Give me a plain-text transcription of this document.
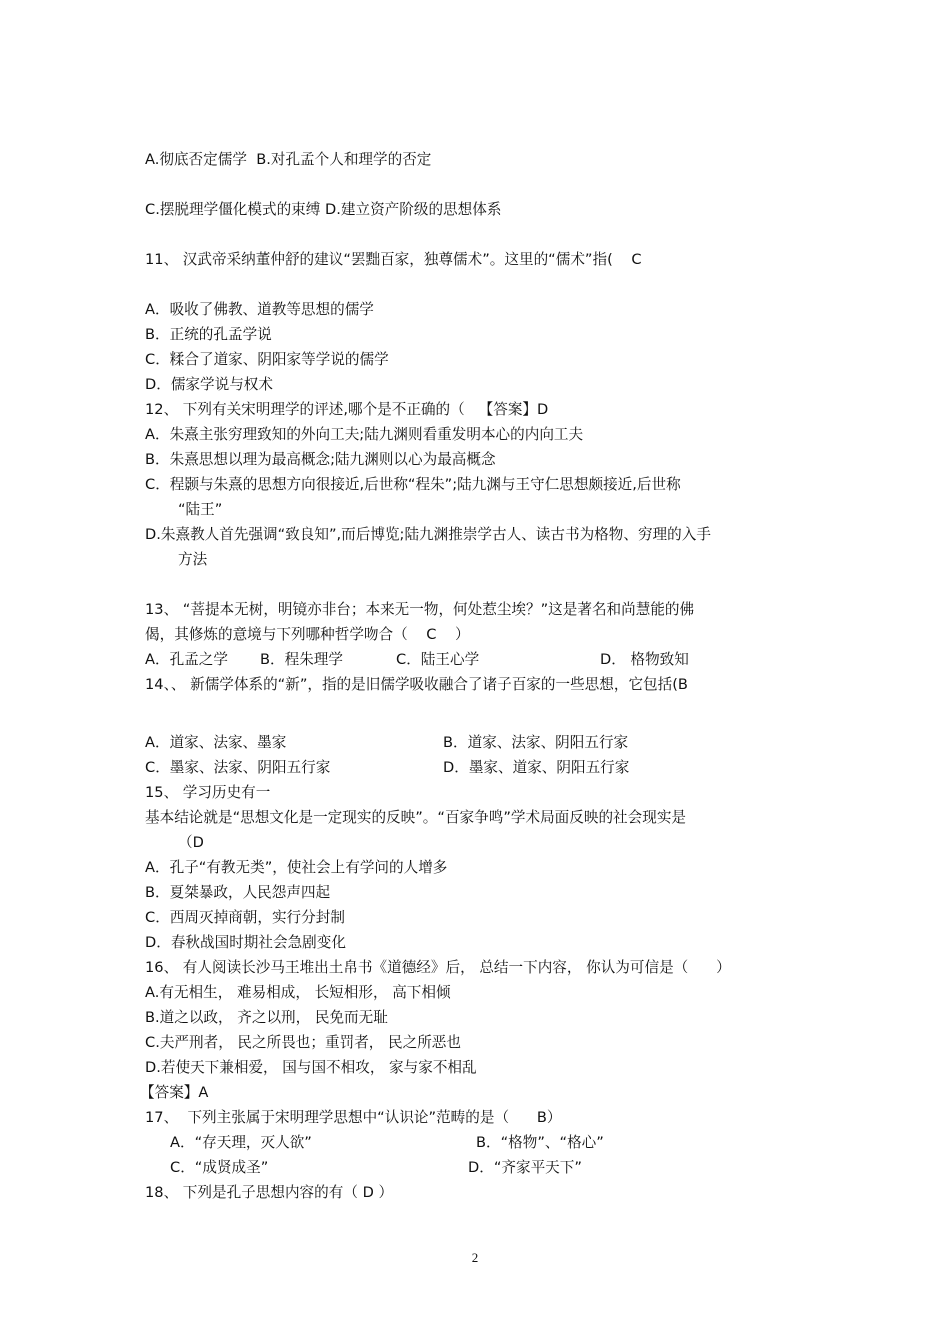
A.彻底否定儒学  B.对孔孟个人和理学的否定
C.摆脱理学僵化模式的束缚 D.建立资产阶级的思想体系
11、 汉武帝采纳董仲舒的建议“罢黜百家，独尊儒术”。这里的“儒术”指(    C
A．吸收了佛教、道教等思想的儒学
B．正统的孔孟学说
C．糅合了道家、阴阳家等学说的儒学
D．儒家学说与权术
12、 下列有关宋明理学的评述,哪个是不正确的（   【答案】D
A．朱熹主张穷理致知的外向工夫;陆九渊则看重发明本心的内向工夫
B．朱熹思想以理为最高概念;陆九渊则以心为最高概念
C．程颢与朱熹的思想方向很接近,后世称“程朱”;陆九渊与王守仁思想颇接近,后世称
“陆王”
D.朱熹教人首先强调“致良知”,而后博览;陆九渊推崇学古人、读古书为格物、穷理的入手
方法
13、 “菩提本无树，明镜亦非台；本来无一物，何处惹尘埃？”这是著名和尚慧能的佛
偈，其修炼的意境与下列哪种哲学吻合（    C    ）
A．孔孟之学 B．程朱理学	C．陆王心学	D． 格物致知
14、、 新儒学体系的“新”，指的是旧儒学吸收融合了诸子百家的一些思想，它包括(B
A．道家、法家、墨家	B．道家、法家、阴阳五行家
C．墨家、法家、阴阳五行家	D．墨家、道家、阴阳五行家
15、 学习历史有一
基本结论就是“思想文化是一定现实的反映”。“百家争鸣”学术局面反映的社会现实是
（D
A．孔子“有教无类”，使社会上有学问的人增多
B．夏桀暴政，人民怨声四起
C．西周灭掉商朝，实行分封制
D．春秋战国时期社会急剧变化
16、 有人阅读长沙马王堆出土帛书《道德经》后， 总结一下内容， 你认为可信是（      ）
A.有无相生， 难易相成， 长短相形， 高下相倾
B.道之以政， 齐之以刑， 民免而无耻
C.夫严刑者， 民之所畏也；重罚者， 民之所恶也
D.若使天下兼相爱， 国与国不相攻， 家与家不相乱
【答案】A
17、  下列主张属于宋明理学思想中“认识论”范畴的是（      B）
A．“存天理，灭人欲”	B．“格物”、“格心”
C．“成贤成圣”	D．“齐家平天下”
18、 下列是孔子思想内容的有（ D ）
2
